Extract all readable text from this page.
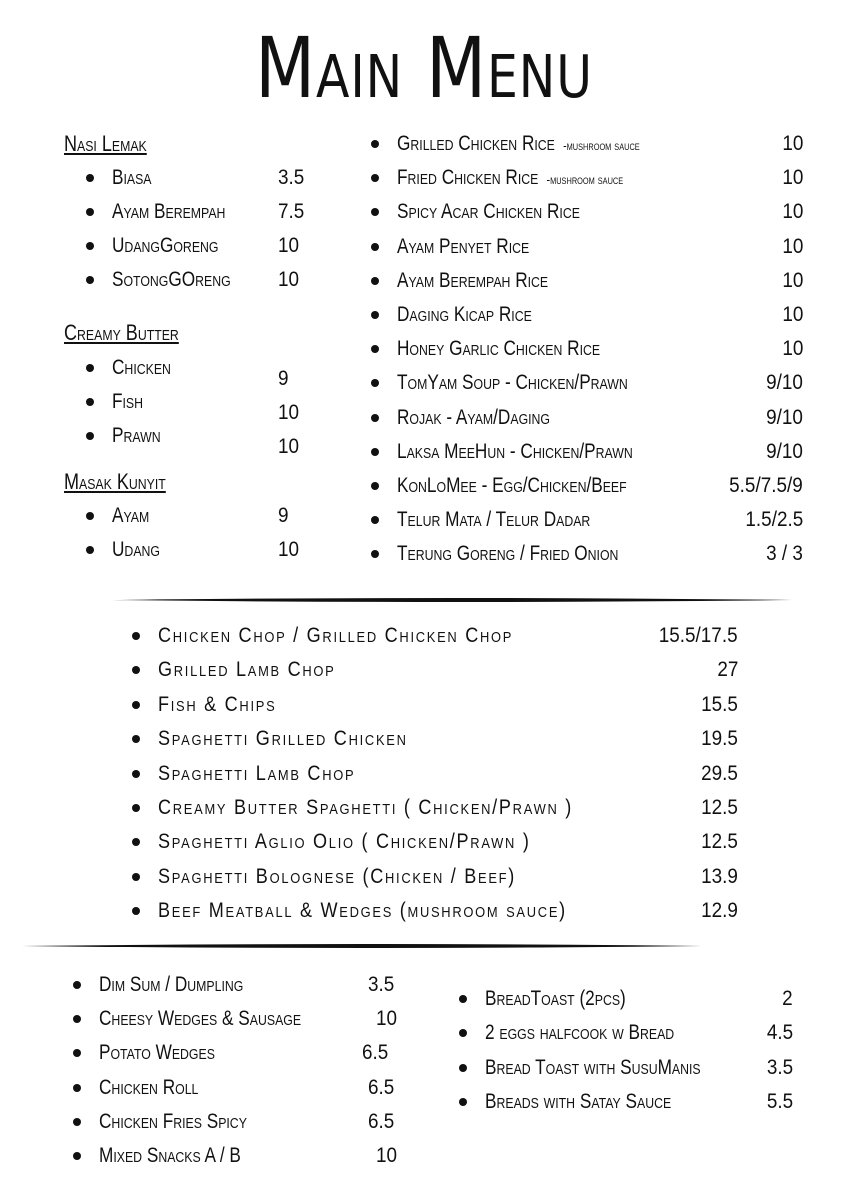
Main Menu
Nasi Lemak
Creamy Butter
Masak Kunyit
Biasa	3.5
Ayam Berempah	7.5
UdangGoreng	10
SotongGOreng 10
Chicken	9
Fish	10
Prawn	10
Ayam	9
Udang	10
Grilled Chicken Rice -mushroom sauce	10
Fried Chicken Rice -mushroom sauce	10
Spicy Acar Chicken Rice	10
Ayam Penyet Rice	10
Ayam Berempah Rice	10
Daging Kicap Rice	10
Honey Garlic Chicken Rice	10
TomYam Soup - Chicken/Prawn	9/10
Rojak - Ayam/Daging	9/10
Laksa MeeHun - Chicken/Prawn	9/10
KonLoMee - Egg/Chicken/Beef	5.5/7.5/9
Telur Mata / Telur Dadar	1.5/2.5
Terung Goreng / Fried Onion	3 / 3
Chicken Chop / Grilled Chicken Chop	15.5/17.5
Grilled Lamb Chop	27
Fish & Chips	15.5
Spaghetti Grilled Chicken	19.5
Spaghetti Lamb Chop	29.5
Creamy Butter Spaghetti ( Chicken/Prawn )	12.5
Spaghetti Aglio Olio ( Chicken/Prawn )	12.5
Spaghetti Bolognese (Chicken / Beef)	13.9
Beef Meatball & Wedges (mushroom sauce)	12.9
Dim Sum / Dumpling	3.5
Cheesy Wedges & Sausage	10
Potato Wedges	6.5
Chicken Roll	6.5
Chicken Fries Spicy	6.5
Mixed Snacks A / B	10
BreadToast (2pcs)	2
2 eggs halfcook w Bread	4.5
Bread Toast with SusuManis	3.5
Breads with Satay Sauce	5.5
